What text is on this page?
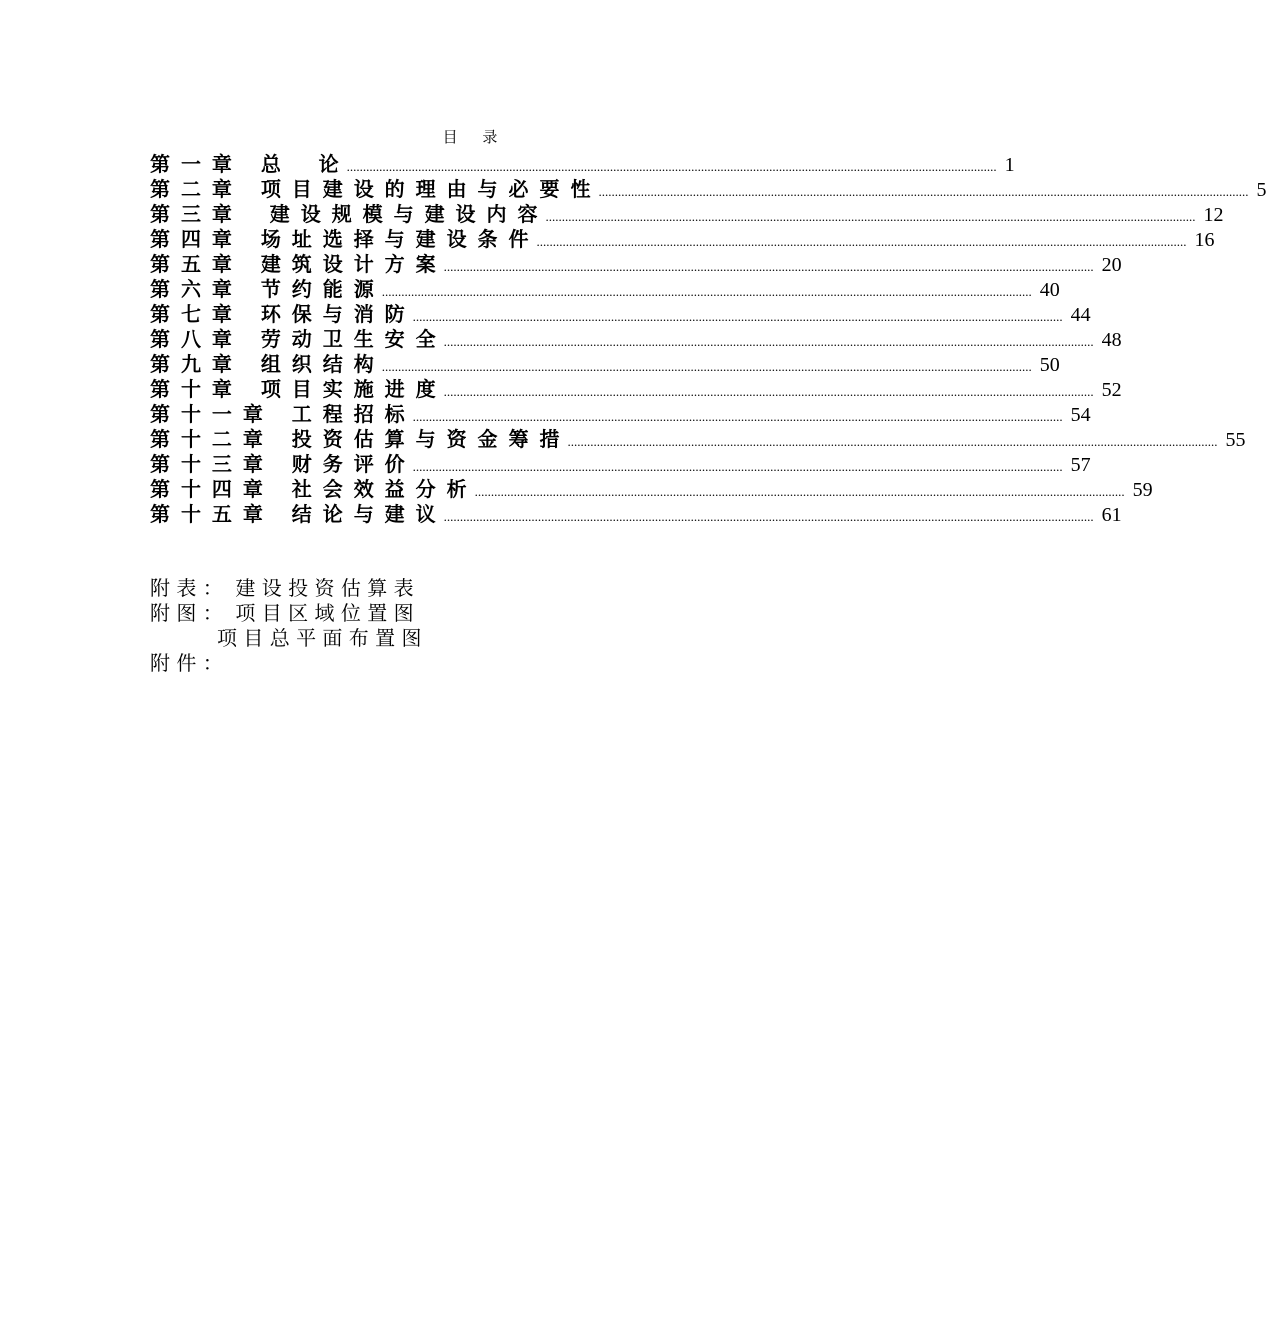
目 录
第 一 章   总    论 ........................................................................................................................................................................................................ 1
第 二 章   项 目 建 设 的 理 由 与 必 要 性 ........................................................................................................................................................................................................ 5
第 三 章    建 设 规 模 与 建 设 内 容 ........................................................................................................................................................................................................ 12
第 四 章   场 址 选 择 与 建 设 条 件 ........................................................................................................................................................................................................ 16
第 五 章   建 筑 设 计 方 案 ........................................................................................................................................................................................................ 20
第 六 章   节 约 能 源 ........................................................................................................................................................................................................ 40
第 七 章   环 保 与 消 防 ........................................................................................................................................................................................................ 44
第 八 章   劳 动 卫 生 安 全 ........................................................................................................................................................................................................ 48
第 九 章   组 织 结 构 ........................................................................................................................................................................................................ 50
第 十 章   项 目 实 施 进 度 ........................................................................................................................................................................................................ 52
第 十 一 章   工 程 招 标 ........................................................................................................................................................................................................ 54
第 十 二 章   投 资 估 算 与 资 金 筹 措 ........................................................................................................................................................................................................ 55
第 十 三 章   财 务 评 价 ........................................................................................................................................................................................................ 57
第 十 四 章   社 会 效 益 分 析 ........................................................................................................................................................................................................ 59
第 十 五 章   结 论 与 建 议 ........................................................................................................................................................................................................ 61
附 表 ：  建 设 投 资 估 算 表
附 图 ：  项 目 区 域 位 置 图
项 目 总 平 面 布 置 图
附 件 ：
